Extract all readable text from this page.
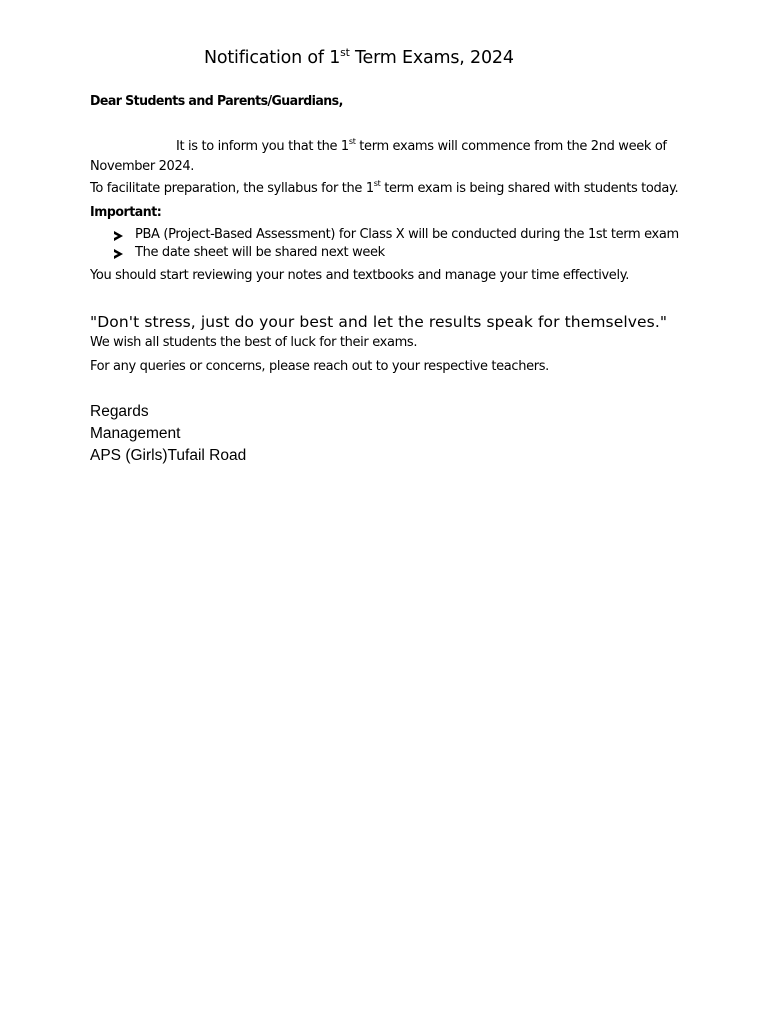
Notification of 1st Term Exams, 2024
Dear Students and Parents/Guardians,
It is to inform you that the 1st term exams will commence from the 2nd week of
November 2024.
To facilitate preparation, the syllabus for the 1st term exam is being shared with students today.
Important:
PBA (Project-Based Assessment) for Class X will be conducted during the 1st term exam
The date sheet will be shared next week
You should start reviewing your notes and textbooks and manage your time effectively.
"Don't stress, just do your best and let the results speak for themselves."
We wish all students the best of luck for their exams.
For any queries or concerns, please reach out to your respective teachers.
Regards
Management
APS (Girls)Tufail Road
